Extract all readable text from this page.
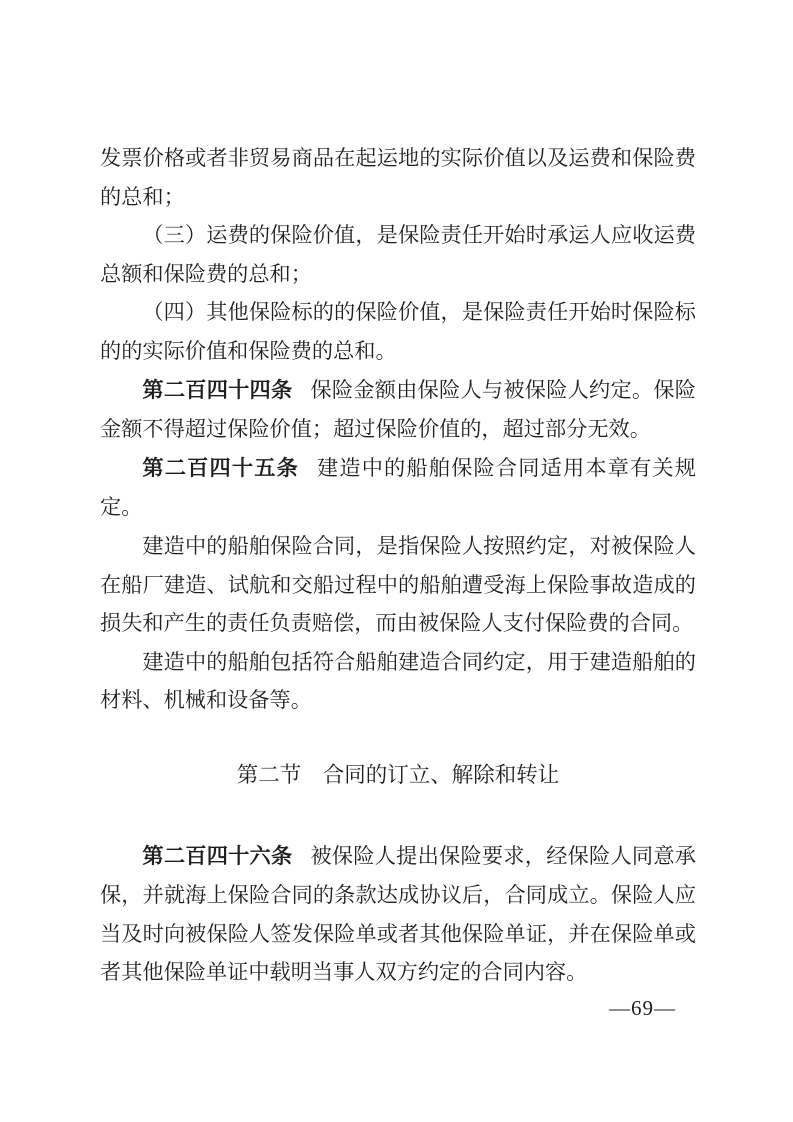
发票价格或者非贸易商品在起运地的实际价值以及运费和保险费的总和；

（三）运费的保险价值，是保险责任开始时承运人应收运费总额和保险费的总和；

（四）其他保险标的的保险价值，是保险责任开始时保险标的的实际价值和保险费的总和。

第二百四十四条 保险金额由保险人与被保险人约定。保险金额不得超过保险价值；超过保险价值的，超过部分无效。

第二百四十五条 建造中的船舶保险合同适用本章有关规定。

建造中的船舶保险合同，是指保险人按照约定，对被保险人在船厂建造、试航和交船过程中的船舶遭受海上保险事故造成的损失和产生的责任负责赔偿，而由被保险人支付保险费的合同。

建造中的船舶包括符合船舶建造合同约定，用于建造船舶的材料、机械和设备等。

第二节 合同的订立、解除和转让

第二百四十六条 被保险人提出保险要求，经保险人同意承保，并就海上保险合同的条款达成协议后，合同成立。保险人应当及时向被保险人签发保险单或者其他保险单证，并在保险单或者其他保险单证中载明当事人双方约定的合同内容。

—69—
